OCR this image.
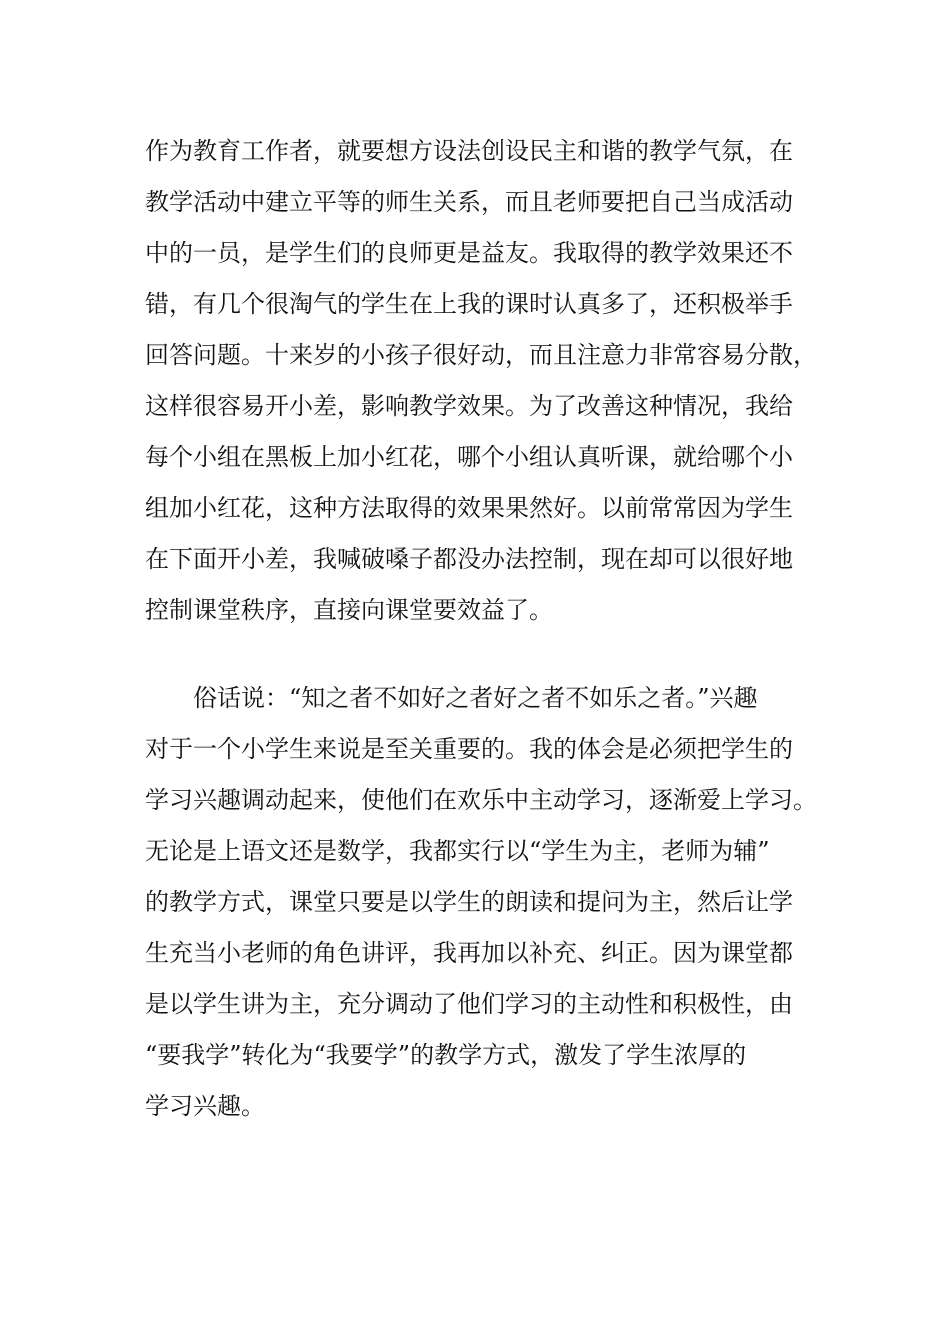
作为教育工作者，就要想方设法创设民主和谐的教学气氛，在
教学活动中建立平等的师生关系，而且老师要把自己当成活动
中的一员，是学生们的良师更是益友。我取得的教学效果还不
错，有几个很淘气的学生在上我的课时认真多了，还积极举手
回答问题。十来岁的小孩子很好动，而且注意力非常容易分散，
这样很容易开小差，影响教学效果。为了改善这种情况，我给
每个小组在黑板上加小红花，哪个小组认真听课，就给哪个小
组加小红花，这种方法取得的效果果然好。以前常常因为学生
在下面开小差，我喊破嗓子都没办法控制，现在却可以很好地
控制课堂秩序，直接向课堂要效益了。
俗话说：“知之者不如好之者好之者不如乐之者。”兴趣
对于一个小学生来说是至关重要的。我的体会是必须把学生的
学习兴趣调动起来，使他们在欢乐中主动学习，逐渐爱上学习。
无论是上语文还是数学，我都实行以“学生为主，老师为辅”
的教学方式，课堂只要是以学生的朗读和提问为主，然后让学
生充当小老师的角色讲评，我再加以补充、纠正。因为课堂都
是以学生讲为主，充分调动了他们学习的主动性和积极性，由
“要我学”转化为“我要学”的教学方式，激发了学生浓厚的
学习兴趣。
